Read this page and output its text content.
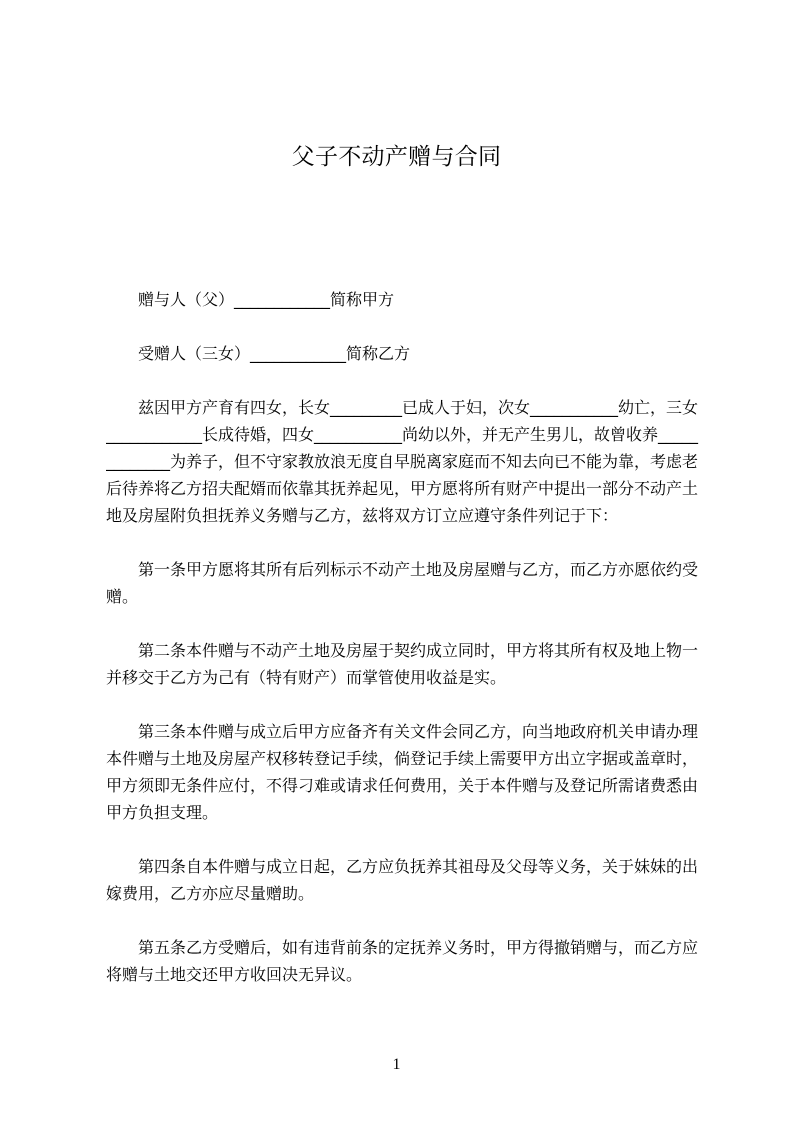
父子不动产赠与合同
赠与人（父）____________简称甲方
受赠人（三女）____________简称乙方
兹因甲方产育有四女，长女_________已成人于妇，次女___________幼亡，三女
____________长成待婚，四女___________尚幼以外，并无产生男儿，故曾收养_____
________为养子，但不守家教放浪无度自早脱离家庭而不知去向已不能为靠，考虑老
后待养将乙方招夫配婿而依靠其抚养起见，甲方愿将所有财产中提出一部分不动产土
地及房屋附负担抚养义务赠与乙方，兹将双方订立应遵守条件列记于下：
第一条甲方愿将其所有后列标示不动产土地及房屋赠与乙方，而乙方亦愿依约受
赠。
第二条本件赠与不动产土地及房屋于契约成立同时，甲方将其所有权及地上物一
并移交于乙方为己有（特有财产）而掌管使用收益是实。
第三条本件赠与成立后甲方应备齐有关文件会同乙方，向当地政府机关申请办理
本件赠与土地及房屋产权移转登记手续，倘登记手续上需要甲方出立字据或盖章时，
甲方须即无条件应付，不得刁难或请求任何费用，关于本件赠与及登记所需诸费悉由
甲方负担支理。
第四条自本件赠与成立日起，乙方应负抚养其祖母及父母等义务，关于妹妹的出
嫁费用，乙方亦应尽量赠助。
第五条乙方受赠后，如有违背前条的定抚养义务时，甲方得撤销赠与，而乙方应
将赠与土地交还甲方收回决无异议。
1
